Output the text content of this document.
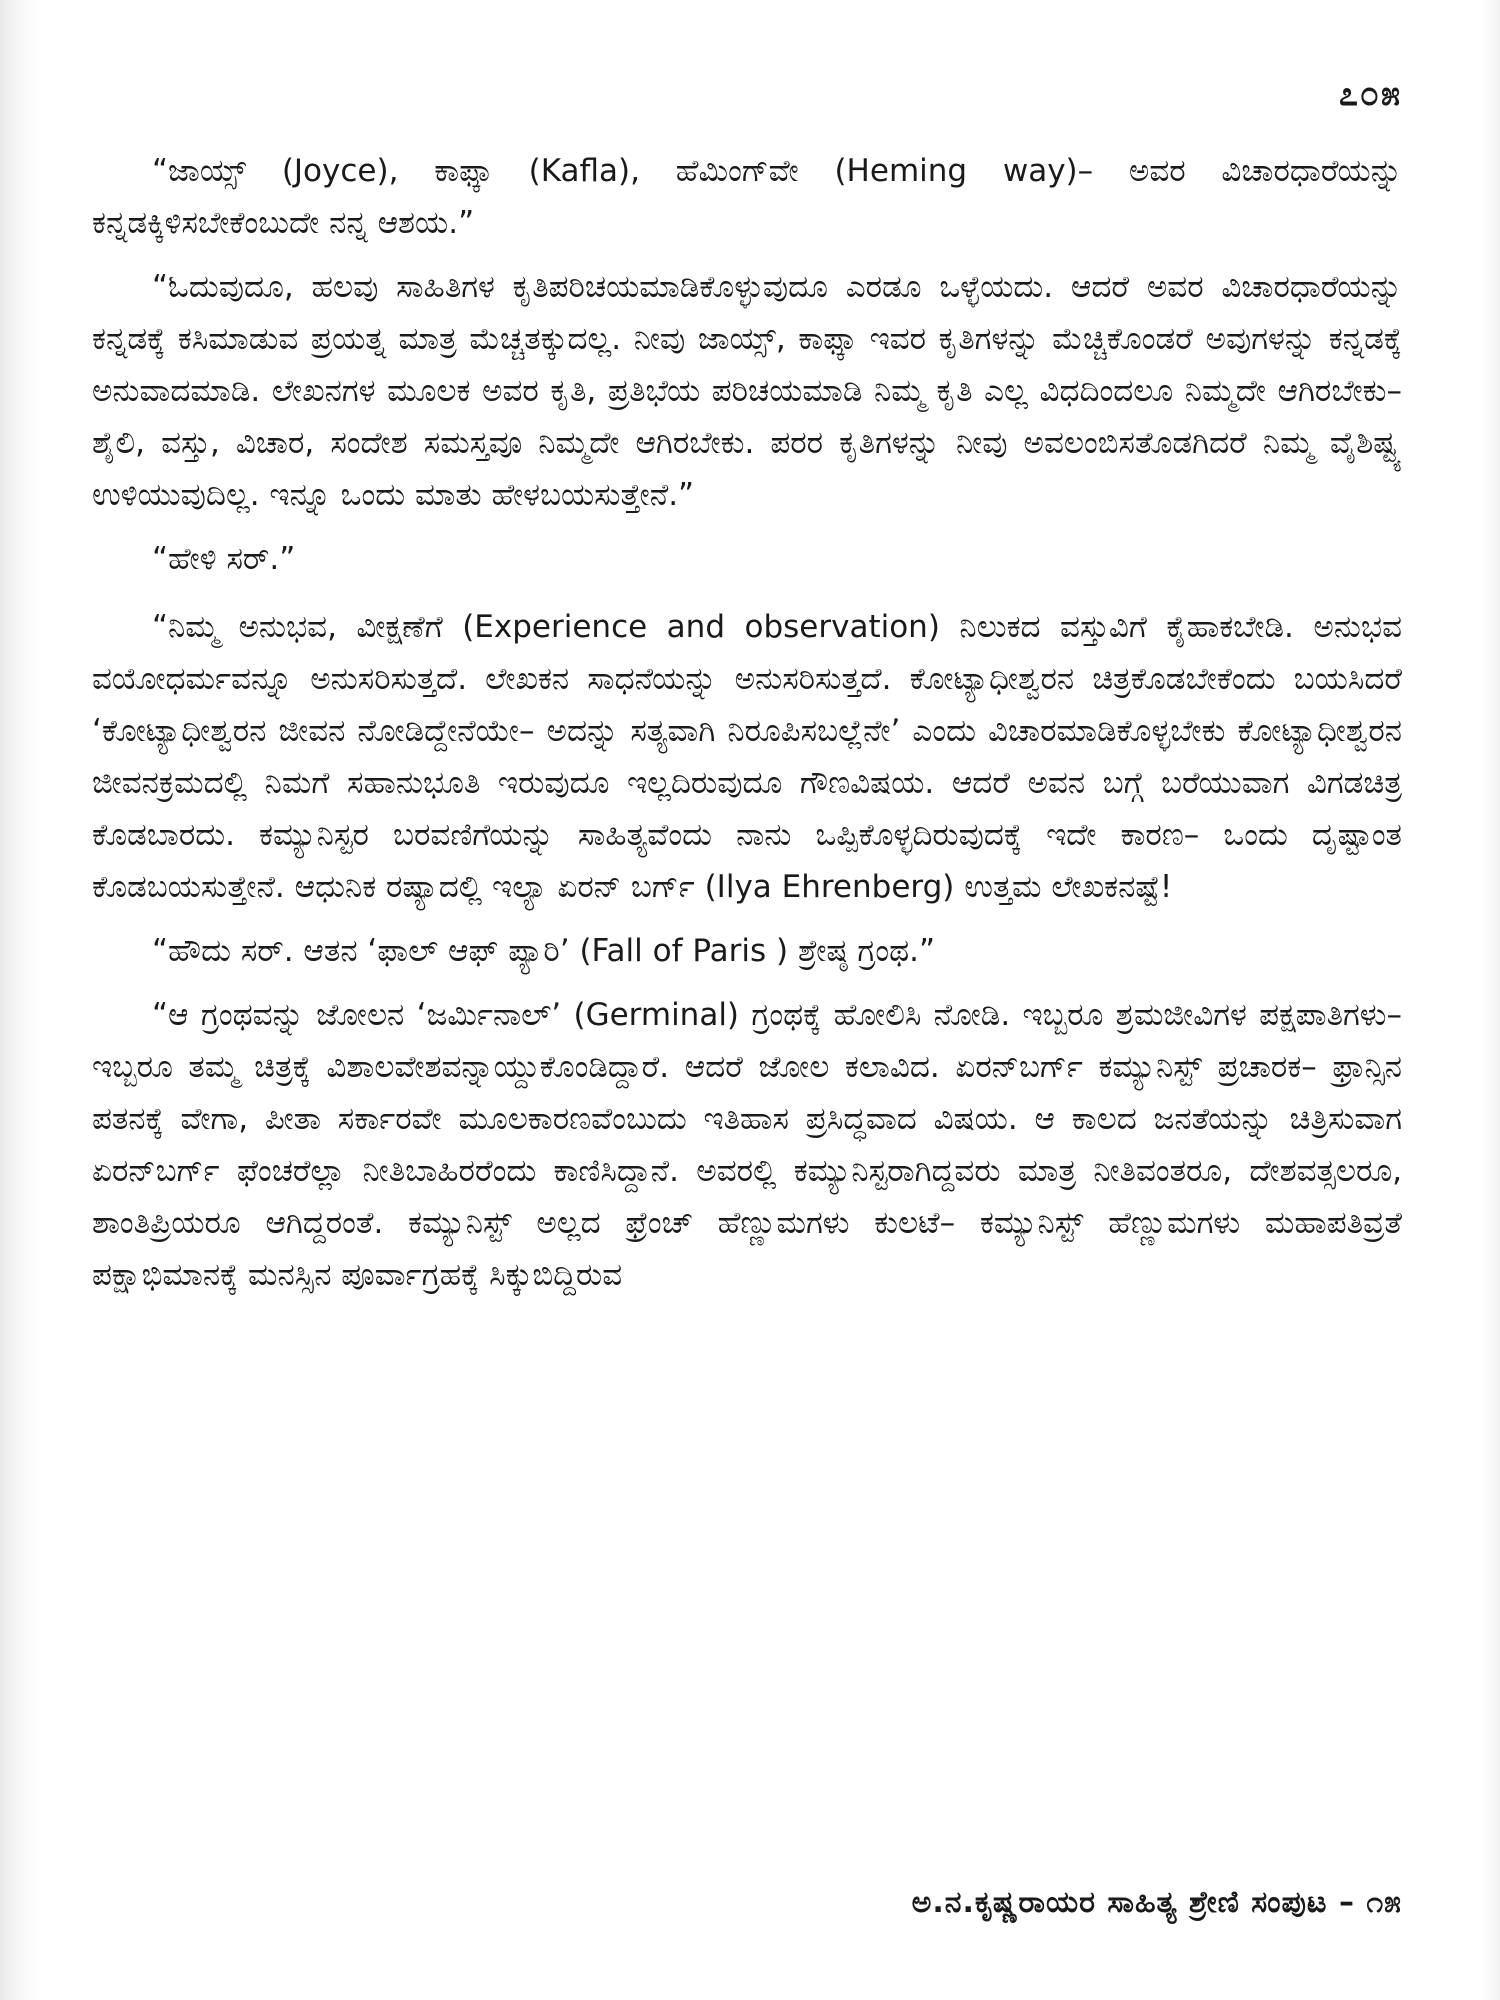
೭೦೫

“ಜಾಯ್ಸ್ (Joyce), ಕಾಫ್ಕಾ (Kafla), ಹೆಮಿಂಗ್‌ವೇ (Heming way)– ಅವರ ವಿಚಾರಧಾರೆಯನ್ನು ಕನ್ನಡಕ್ಕಿಳಿಸಬೇಕೆಂಬುದೇ ನನ್ನ ಆಶಯ.”

“ಓದುವುದೂ, ಹಲವು ಸಾಹಿತಿಗಳ ಕೃತಿಪರಿಚಯಮಾಡಿಕೊಳ್ಳುವುದೂ ಎರಡೂ ಒಳ್ಳೆಯದು. ಆದರೆ ಅವರ ವಿಚಾರಧಾರೆಯನ್ನು ಕನ್ನಡಕ್ಕೆ ಕಸಿಮಾಡುವ ಪ್ರಯತ್ನ ಮಾತ್ರ ಮೆಚ್ಚತಕ್ಕುದಲ್ಲ. ನೀವು ಜಾಯ್ಸ್, ಕಾಫ್ಕಾ ಇವರ ಕೃತಿಗಳನ್ನು ಮೆಚ್ಚಿಕೊಂಡರೆ ಅವುಗಳನ್ನು ಕನ್ನಡಕ್ಕೆ ಅನುವಾದಮಾಡಿ. ಲೇಖನಗಳ ಮೂಲಕ ಅವರ ಕೃತಿ, ಪ್ರತಿಭೆಯ ಪರಿಚಯಮಾಡಿ ನಿಮ್ಮ ಕೃತಿ ಎಲ್ಲ ವಿಧದಿಂದಲೂ ನಿಮ್ಮದೇ ಆಗಿರಬೇಕು– ಶೈಲಿ, ವಸ್ತು, ವಿಚಾರ, ಸಂದೇಶ ಸಮಸ್ತವೂ ನಿಮ್ಮದೇ ಆಗಿರಬೇಕು. ಪರರ ಕೃತಿಗಳನ್ನು ನೀವು ಅವಲಂಬಿಸತೊಡಗಿದರೆ ನಿಮ್ಮ ವೈಶಿಷ್ಟ್ಯ ಉಳಿಯುವುದಿಲ್ಲ. ಇನ್ನೂ ಒಂದು ಮಾತು ಹೇಳಬಯಸುತ್ತೇನೆ.”

“ಹೇಳಿ ಸರ್.”

“ನಿಮ್ಮ ಅನುಭವ, ವೀಕ್ಷಣೆಗೆ (Experience and observation) ನಿಲುಕದ ವಸ್ತುವಿಗೆ ಕೈಹಾಕಬೇಡಿ. ಅನುಭವ ವಯೋಧರ್ಮವನ್ನೂ ಅನುಸರಿಸುತ್ತದೆ. ಲೇಖಕನ ಸಾಧನೆಯನ್ನು ಅನುಸರಿಸುತ್ತದೆ. ಕೋಟ್ಯಾಧೀಶ್ವರನ ಚಿತ್ರಕೊಡಬೇಕೆಂದು ಬಯಸಿದರೆ ‘ಕೋಟ್ಯಾಧೀಶ್ವರನ ಜೀವನ ನೋಡಿದ್ದೇನೆಯೇ– ಅದನ್ನು ಸತ್ಯವಾಗಿ ನಿರೂಪಿಸಬಲ್ಲೆನೇ’ ಎಂದು ವಿಚಾರಮಾಡಿಕೊಳ್ಳಬೇಕು ಕೋಟ್ಯಾಧೀಶ್ವರನ ಜೀವನಕ್ರಮದಲ್ಲಿ ನಿಮಗೆ ಸಹಾನುಭೂತಿ ಇರುವುದೂ ಇಲ್ಲದಿರುವುದೂ ಗೌಣವಿಷಯ. ಆದರೆ ಅವನ ಬಗ್ಗೆ ಬರೆಯುವಾಗ ವಿಗಡಚಿತ್ರ ಕೊಡಬಾರದು. ಕಮ್ಯುನಿಸ್ಟರ ಬರವಣಿಗೆಯನ್ನು ಸಾಹಿತ್ಯವೆಂದು ನಾನು ಒಪ್ಪಿಕೊಳ್ಳದಿರುವುದಕ್ಕೆ ಇದೇ ಕಾರಣ– ಒಂದು ದೃಷ್ಟಾಂತ ಕೊಡಬಯಸುತ್ತೇನೆ. ಆಧುನಿಕ ರಷ್ಯಾದಲ್ಲಿ ಇಲ್ಯಾ ಏರನ್ ಬರ್ಗ್ (Ilya Ehrenberg) ಉತ್ತಮ ಲೇಖಕನಷ್ಟೆ!

“ಹೌದು ಸರ್. ಆತನ ‘ಫಾಲ್ ಆಫ್ ಪ್ಯಾರಿ’ (Fall of Paris ) ಶ್ರೇಷ್ಠ ಗ್ರಂಥ.”

“ಆ ಗ್ರಂಥವನ್ನು ಜೋಲನ ‘ಜರ್ಮಿನಾಲ್’ (Germinal) ಗ್ರಂಥಕ್ಕೆ ಹೋಲಿಸಿ ನೋಡಿ. ಇಬ್ಬರೂ ಶ್ರಮಜೀವಿಗಳ ಪಕ್ಷಪಾತಿಗಳು– ಇಬ್ಬರೂ ತಮ್ಮ ಚಿತ್ರಕ್ಕೆ ವಿಶಾಲವೇಶವನ್ನಾಯ್ದುಕೊಂಡಿದ್ದಾರೆ. ಆದರೆ ಜೋಲ ಕಲಾವಿದ. ಏರನ್‌ಬರ್ಗ್ ಕಮ್ಯುನಿಸ್ಟ್ ಪ್ರಚಾರಕ– ಫ್ರಾನ್ಸಿನ ಪತನಕ್ಕೆ ವೇಗಾ, ಪೀತಾ ಸರ್ಕಾರವೇ ಮೂಲಕಾರಣವೆಂಬುದು ಇತಿಹಾಸ ಪ್ರಸಿದ್ಧವಾದ ವಿಷಯ. ಆ ಕಾಲದ ಜನತೆಯನ್ನು ಚಿತ್ರಿಸುವಾಗ ಏರನ್‌ಬರ್ಗ್ ಫೆಂಚರೆಲ್ಲಾ ನೀತಿಬಾಹಿರರೆಂದು ಕಾಣಿಸಿದ್ದಾನೆ. ಅವರಲ್ಲಿ ಕಮ್ಯುನಿಸ್ಟರಾಗಿದ್ದವರು ಮಾತ್ರ ನೀತಿವಂತರೂ, ದೇಶವತ್ಸಲರೂ, ಶಾಂತಿಪ್ರಿಯರೂ ಆಗಿದ್ದರಂತೆ. ಕಮ್ಯುನಿಸ್ಟ್ ಅಲ್ಲದ ಫ್ರೆಂಚ್ ಹೆಣ್ಣುಮಗಳು ಕುಲಟೆ– ಕಮ್ಯುನಿಸ್ಟ್ ಹೆಣ್ಣುಮಗಳು ಮಹಾಪತಿವ್ರತೆ ಪಕ್ಷಾಭಿಮಾನಕ್ಕೆ ಮನಸ್ಸಿನ ಪೂರ್ವಾಗ್ರಹಕ್ಕೆ ಸಿಕ್ಕುಬಿದ್ದಿರುವ

ಅ.ನ.ಕೃಷ್ಣರಾಯರ ಸಾಹಿತ್ಯ ಶ್ರೇಣಿ ಸಂಪುಟ – ೧೫
